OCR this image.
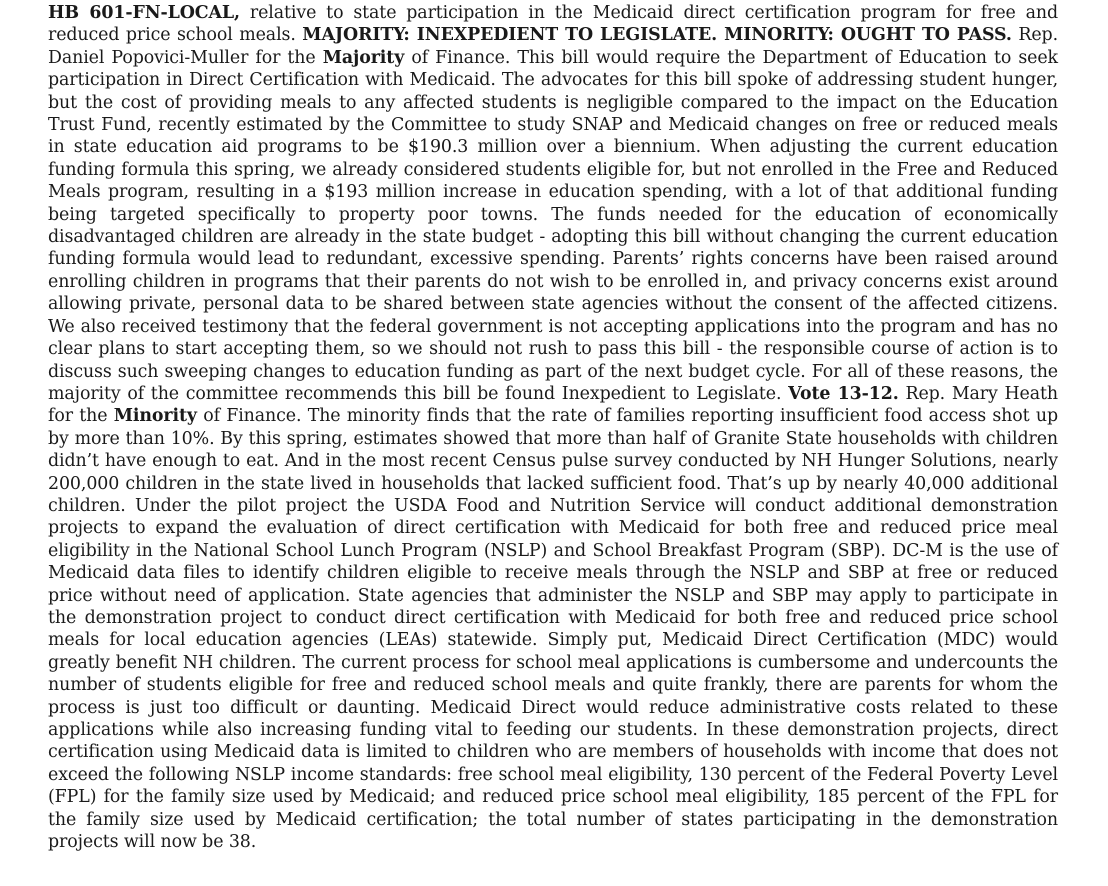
HB 601-FN-LOCAL, relative to state participation in the Medicaid direct certification program for free and reduced price school meals. MAJORITY: INEXPEDIENT TO LEGISLATE. MINORITY: OUGHT TO PASS. Rep. Daniel Popovici-Muller for the Majority of Finance. This bill would require the Department of Education to seek participation in Direct Certification with Medicaid. The advocates for this bill spoke of addressing student hunger, but the cost of providing meals to any affected students is negligible compared to the impact on the Education Trust Fund, recently estimated by the Committee to study SNAP and Medicaid changes on free or reduced meals in state education aid programs to be $190.3 million over a biennium. When adjusting the current education funding formula this spring, we already considered students eligible for, but not enrolled in the Free and Reduced Meals program, resulting in a $193 million increase in education spending, with a lot of that additional funding being targeted specifically to property poor towns. The funds needed for the education of economically disadvantaged children are already in the state budget - adopting this bill without changing the current education funding formula would lead to redundant, excessive spending. Parents’ rights concerns have been raised around enrolling children in programs that their parents do not wish to be enrolled in, and privacy concerns exist around allowing private, personal data to be shared between state agencies without the consent of the affected citizens. We also received testimony that the federal government is not accepting applications into the program and has no clear plans to start accepting them, so we should not rush to pass this bill - the responsible course of action is to discuss such sweeping changes to education funding as part of the next budget cycle. For all of these reasons, the majority of the committee recommends this bill be found Inexpedient to Legislate. Vote 13-12. Rep. Mary Heath for the Minority of Finance. The minority finds that the rate of families reporting insufficient food access shot up by more than 10%. By this spring, estimates showed that more than half of Granite State households with children didn’t have enough to eat. And in the most recent Census pulse survey conducted by NH Hunger Solutions, nearly 200,000 children in the state lived in households that lacked sufficient food. That’s up by nearly 40,000 additional children. Under the pilot project the USDA Food and Nutrition Service will conduct additional demonstration projects to expand the evaluation of direct certification with Medicaid for both free and reduced price meal eligibility in the National School Lunch Program (NSLP) and School Breakfast Program (SBP). DC-M is the use of Medicaid data files to identify children eligible to receive meals through the NSLP and SBP at free or reduced price without need of application. State agencies that administer the NSLP and SBP may apply to participate in the demonstration project to conduct direct certification with Medicaid for both free and reduced price school meals for local education agencies (LEAs) statewide. Simply put, Medicaid Direct Certification (MDC) would greatly benefit NH children. The current process for school meal applications is cumbersome and undercounts the number of students eligible for free and reduced school meals and quite frankly, there are parents for whom the process is just too difficult or daunting. Medicaid Direct would reduce administrative costs related to these applications while also increasing funding vital to feeding our students. In these demonstration projects, direct certification using Medicaid data is limited to children who are members of households with income that does not exceed the following NSLP income standards: free school meal eligibility, 130 percent of the Federal Poverty Level (FPL) for the family size used by Medicaid; and reduced price school meal eligibility, 185 percent of the FPL for the family size used by Medicaid certification; the total number of states participating in the demonstration projects will now be 38.
